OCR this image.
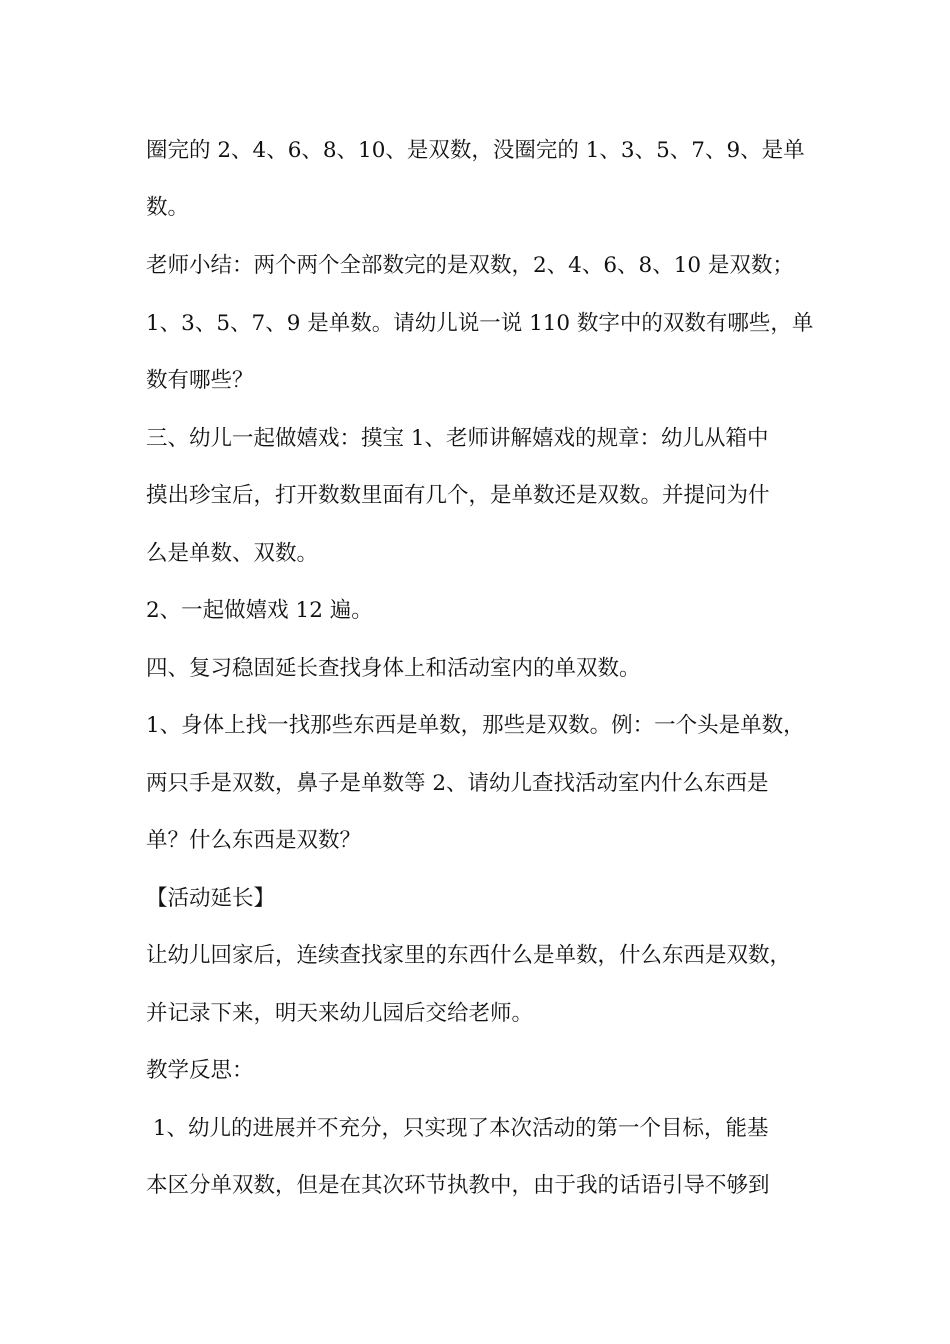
圈完的 2、4、6、8、10、是双数，没圈完的 1、3、5、7、9、是单

数。

老师小结：两个两个全部数完的是双数，2、4、6、8、10 是双数；

1、3、5、7、9 是单数。请幼儿说一说 110 数字中的双数有哪些，单

数有哪些？

三、幼儿一起做嬉戏：摸宝 1、老师讲解嬉戏的规章：幼儿从箱中

摸出珍宝后，打开数数里面有几个，是单数还是双数。并提问为什

么是单数、双数。

2、一起做嬉戏 12 遍。

四、复习稳固延长查找身体上和活动室内的单双数。

1、身体上找一找那些东西是单数，那些是双数。例：一个头是单数，

两只手是双数，鼻子是单数等 2、请幼儿查找活动室内什么东西是

单？什么东西是双数？

【活动延长】

让幼儿回家后，连续查找家里的东西什么是单数，什么东西是双数，

并记录下来，明天来幼儿园后交给老师。

教学反思：

1、幼儿的进展并不充分，只实现了本次活动的第一个目标，能基

本区分单双数，但是在其次环节执教中，由于我的话语引导不够到
